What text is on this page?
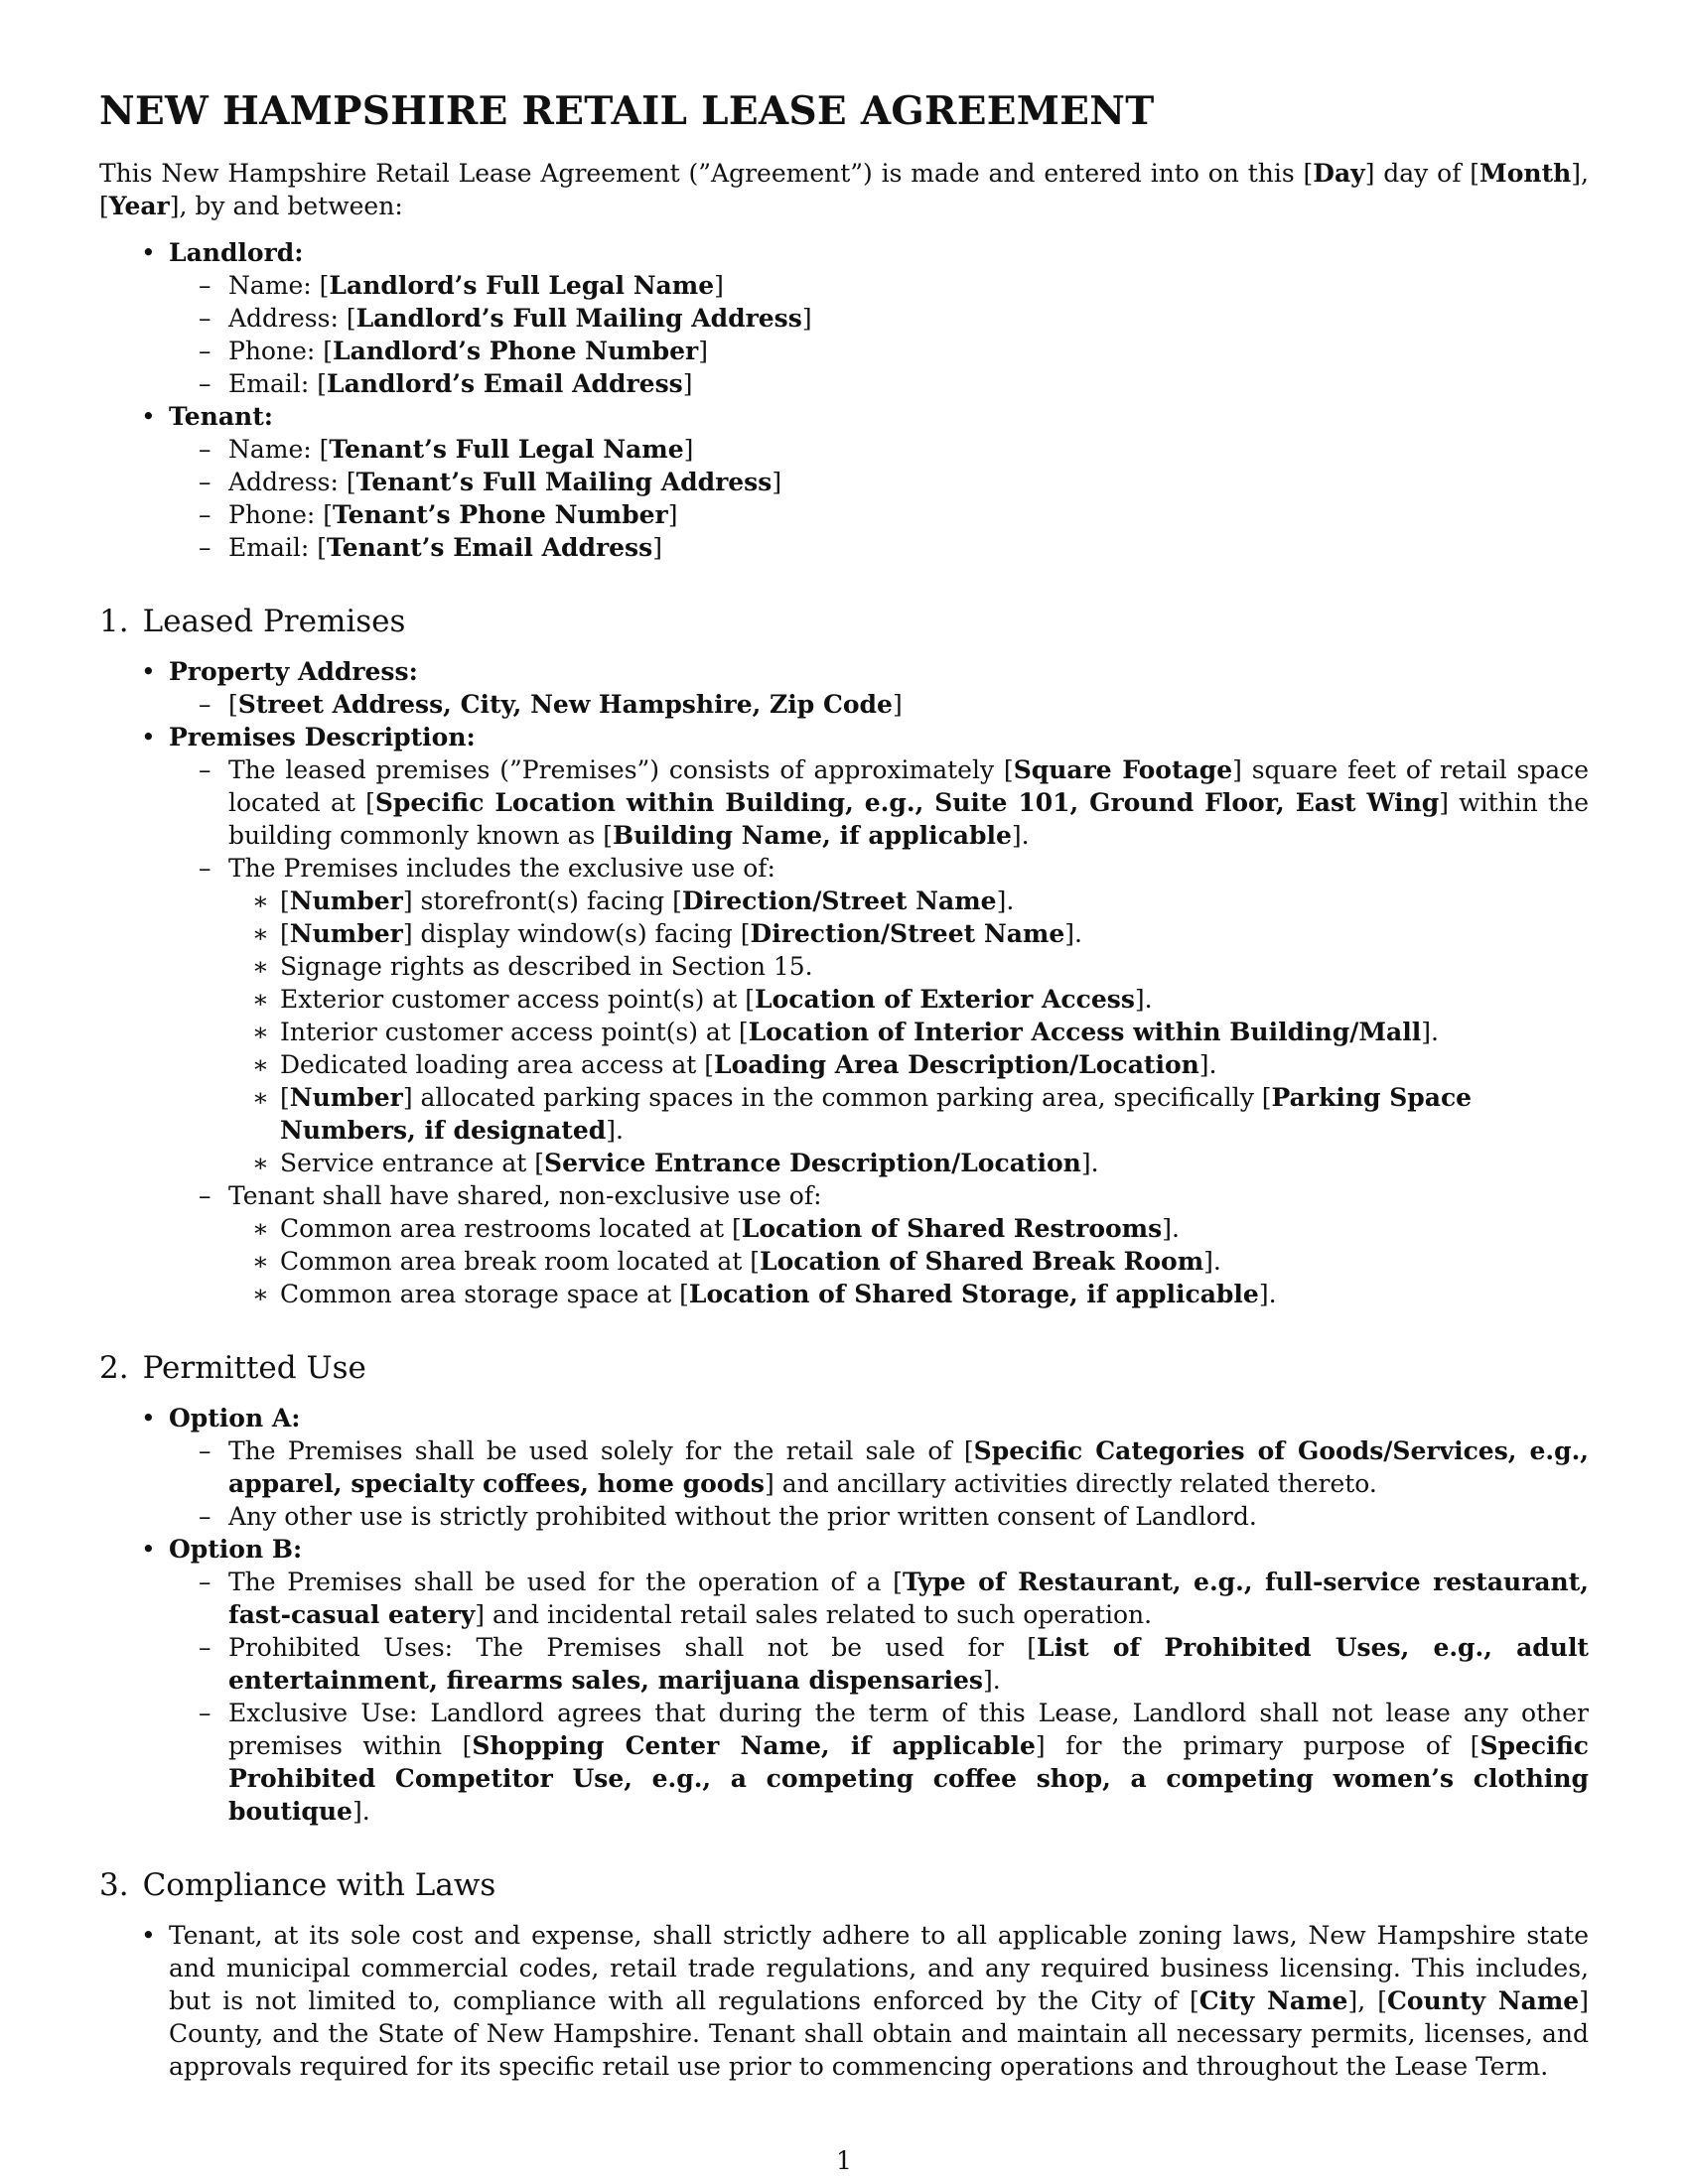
NEW HAMPSHIRE RETAIL LEASE AGREEMENT

This New Hampshire Retail Lease Agreement (”Agreement”) is made and entered into on this [Day] day of [Month], [Year], by and between:

• Landlord:
– Name: [Landlord’s Full Legal Name]
– Address: [Landlord’s Full Mailing Address]
– Phone: [Landlord’s Phone Number]
– Email: [Landlord’s Email Address]
• Tenant:
– Name: [Tenant’s Full Legal Name]
– Address: [Tenant’s Full Mailing Address]
– Phone: [Tenant’s Phone Number]
– Email: [Tenant’s Email Address]
1. Leased Premises
• Property Address:
– [Street Address, City, New Hampshire, Zip Code]
• Premises Description:
– The leased premises (”Premises”) consists of approximately [Square Footage] square feet of retail space located at [Specific Location within Building, e.g., Suite 101, Ground Floor, East Wing] within the building commonly known as [Building Name, if applicable].
– The Premises includes the exclusive use of:
∗ [Number] storefront(s) facing [Direction/Street Name].
∗ [Number] display window(s) facing [Direction/Street Name].
∗ Signage rights as described in Section 15.
∗ Exterior customer access point(s) at [Location of Exterior Access].
∗ Interior customer access point(s) at [Location of Interior Access within Building/Mall].
∗ Dedicated loading area access at [Loading Area Description/Location].
∗ [Number] allocated parking spaces in the common parking area, specifically [Parking Space Numbers, if designated].
∗ Service entrance at [Service Entrance Description/Location].
– Tenant shall have shared, non-exclusive use of:
∗ Common area restrooms located at [Location of Shared Restrooms].
∗ Common area break room located at [Location of Shared Break Room].
∗ Common area storage space at [Location of Shared Storage, if applicable].
2. Permitted Use
• Option A:
– The Premises shall be used solely for the retail sale of [Specific Categories of Goods/Services, e.g., apparel, specialty coffees, home goods] and ancillary activities directly related thereto.
– Any other use is strictly prohibited without the prior written consent of Landlord.
• Option B:
– The Premises shall be used for the operation of a [Type of Restaurant, e.g., full-service restaurant, fast-casual eatery] and incidental retail sales related to such operation.
– Prohibited Uses: The Premises shall not be used for [List of Prohibited Uses, e.g., adult entertainment, firearms sales, marijuana dispensaries].
– Exclusive Use: Landlord agrees that during the term of this Lease, Landlord shall not lease any other premises within [Shopping Center Name, if applicable] for the primary purpose of [Specific Prohibited Competitor Use, e.g., a competing coffee shop, a competing women’s clothing boutique].
3. Compliance with Laws
• Tenant, at its sole cost and expense, shall strictly adhere to all applicable zoning laws, New Hampshire state and municipal commercial codes, retail trade regulations, and any required business licensing. This includes, but is not limited to, compliance with all regulations enforced by the City of [City Name], [County Name] County, and the State of New Hampshire. Tenant shall obtain and maintain all necessary permits, licenses, and approvals required for its specific retail use prior to commencing operations and throughout the Lease Term.
1
